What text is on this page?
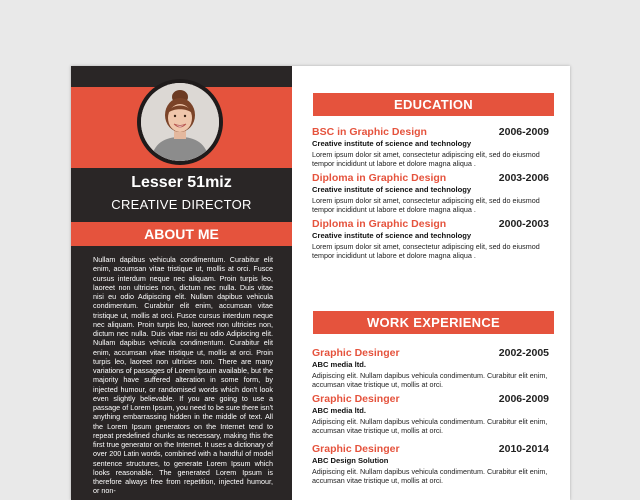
Lesser 51miz
CREATIVE DIRECTOR
ABOUT ME
Nullam dapibus vehicula condimentum. Curabitur elit enim, accumsan vitae tristique ut, mollis at orci. Fusce cursus interdum neque nec aliquam. Proin turpis leo, laoreet non ultricies non, dictum nec nulla. Duis vitae nisi eu odio Adipiscing elit. Nullam dapibus vehicula condimentum. Curabitur elit enim, accumsan vitae tristique ut, mollis at orci. Fusce cursus interdum neque nec aliquam. Proin turpis leo, laoreet non ultricies non, dictum nec nulla. Duis vitae nisi eu odio Adipiscing elit. Nullam dapibus vehicula condimentum. Curabitur elit enim, accumsan vitae tristique ut, mollis at orci. Proin turpis leo, laoreet non ultricies non. There are many variations of passages of Lorem Ipsum available, but the majority have suffered alteration in some form, by injected humour, or randomised words which don't look even slightly believable. If you are going to use a passage of Lorem Ipsum, you need to be sure there isn't anything embarrassing hidden in the middle of text. All the Lorem Ipsum generators on the Internet tend to repeat predefined chunks as necessary, making this the first true generator on the Internet. It uses a dictionary of over 200 Latin words, combined with a handful of model sentence structures, to generate Lorem Ipsum which looks reasonable. The generated Lorem Ipsum is therefore always free from repetition, injected humour, or non-
EDUCATION
BSC in Graphic Design	2006-2009
Creative institute of science and technology
Lorem ipsum dolor sit amet, consectetur adipiscing elit, sed do eiusmod tempor incididunt ut labore et dolore magna aliqua .
Diploma in Graphic Design	2003-2006
Creative institute of science and technology
Lorem ipsum dolor sit amet, consectetur adipiscing elit, sed do eiusmod tempor incididunt ut labore et dolore magna aliqua .
Diploma in Graphic Design	2000-2003
Creative institute of science and technology
Lorem ipsum dolor sit amet, consectetur adipiscing elit, sed do eiusmod tempor incididunt ut labore et dolore magna aliqua .
WORK EXPERIENCE
Graphic Desinger	2002-2005
ABC media ltd.
Adipiscing elit. Nullam dapibus vehicula condimentum. Curabitur elit enim, accumsan vitae tristique ut, mollis at orci.
Graphic Desinger	2006-2009
ABC media ltd.
Adipiscing elit. Nullam dapibus vehicula condimentum. Curabitur elit enim, accumsan vitae tristique ut, mollis at orci.
Graphic Desinger	2010-2014
ABC Design Solution
Adipiscing elit. Nullam dapibus vehicula condimentum. Curabitur elit enim, accumsan vitae tristique ut, mollis at orci.
